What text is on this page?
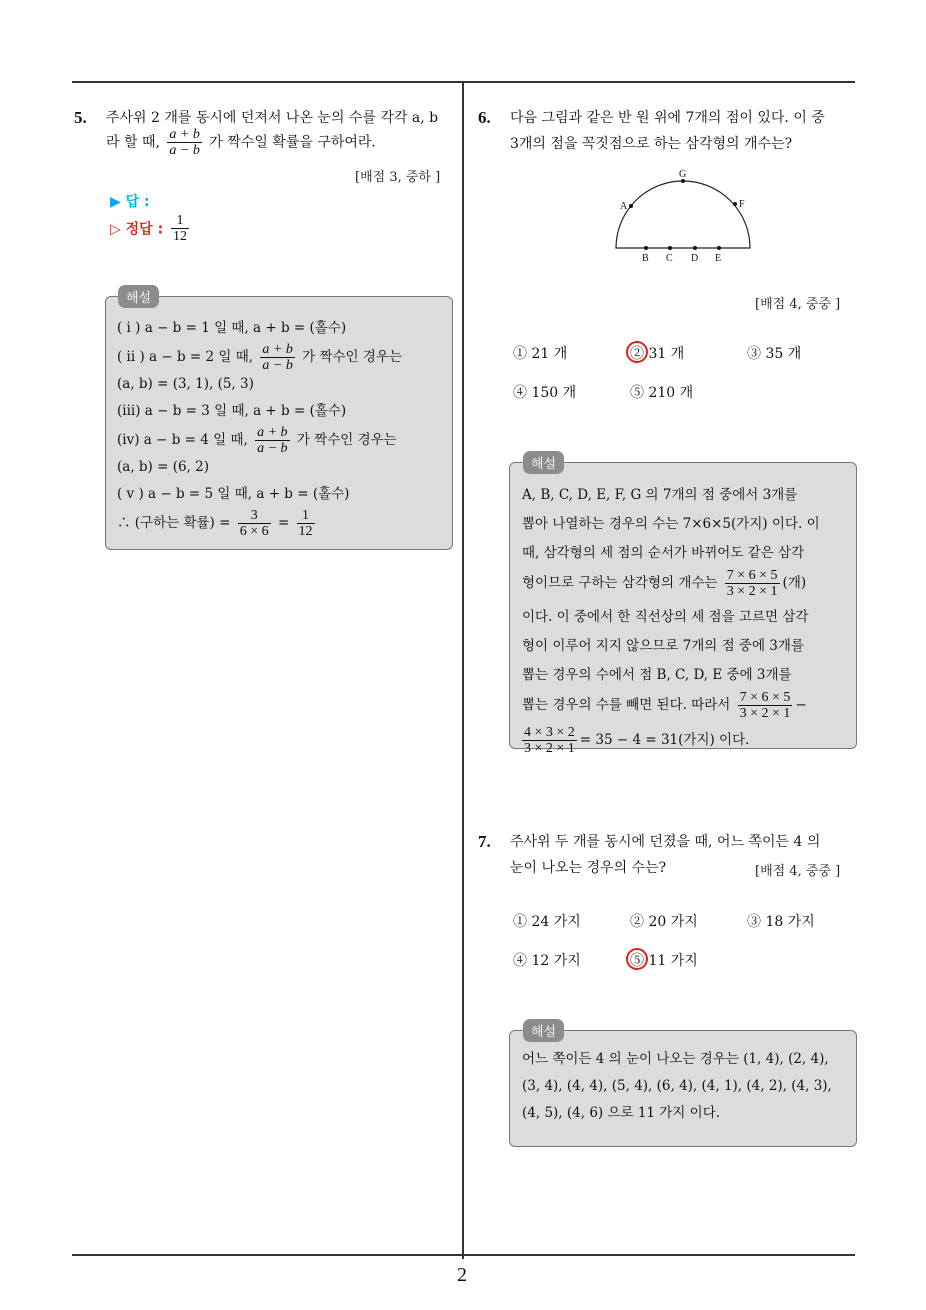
2
5. 주사위 2 개를 동시에 던져서 나온 눈의 수를 각각 a, b
라 할 때, $\frac{a + b}{a - b}$ 가 짝수일 확률을 구하여라.
[배점 3, 중하 ]
▶ 답 :
▷ 정답 : $\frac{1}{12}$
해설
( i ) a − b = 1 일 때, a + b = (홀수)
( ii ) a − b = 2 일 때, $\frac{a + b}{a - b}$ 가 짝수인 경우는
(a, b) = (3, 1), (5, 3)
(iii) a − b = 3 일 때, a + b = (홀수)
(iv) a − b = 4 일 때, $\frac{a + b}{a - b}$ 가 짝수인 경우는
(a, b) = (6, 2)
( v ) a − b = 5 일 때, a + b = (홀수)
∴ (구하는 확률) = $\frac{3}{6 \times 6} = \frac{1}{12}$
6. 다음 그림과 같은 반 원 위에 7개의 점이 있다. 이 중
3개의 점을 꼭짓점으로 하는 삼각형의 개수는?
A
G
F
B C D E
[배점 4, 중중 ]
① 21 개	② 31 개	③ 35 개
④ 150 개	⑤ 210 개
해설
A, B, C, D, E, F, G 의 7개의 점 중에서 3개를
뽑아 나열하는 경우의 수는 7×6×5(가지) 이다. 이
때, 삼각형의 세 점의 순서가 바뀌어도 같은 삼각
형이므로 구하는 삼각형의 개수는 $\frac{7 \times 6 \times 5}{3 \times 2 \times 1}$ (개)
이다. 이 중에서 한 직선상의 세 점을 고르면 삼각
형이 이루어 지지 않으므로 7개의 점 중에 3개를
뽑는 경우의 수에서 점 B, C, D, E 중에 3개를
뽑는 경우의 수를 빼면 된다. 따라서 $\frac{7 \times 6 \times 5}{3 \times 2 \times 1}$ −
$\frac{4 \times 3 \times 2}{3 \times 2 \times 1} = 35 - 4 = 31$(가지) 이다.
7. 주사위 두 개를 동시에 던졌을 때, 어느 쪽이든 4 의
눈이 나오는 경우의 수는?	[배점 4, 중중 ]
① 24 가지	② 20 가지	③ 18 가지
④ 12 가지	⑤ 11 가지
해설
어느 쪽이든 4 의 눈이 나오는 경우는 (1, 4), (2, 4),
(3, 4), (4, 4), (5, 4), (6, 4), (4, 1), (4, 2), (4, 3),
(4, 5), (4, 6) 으로 11 가지 이다.
